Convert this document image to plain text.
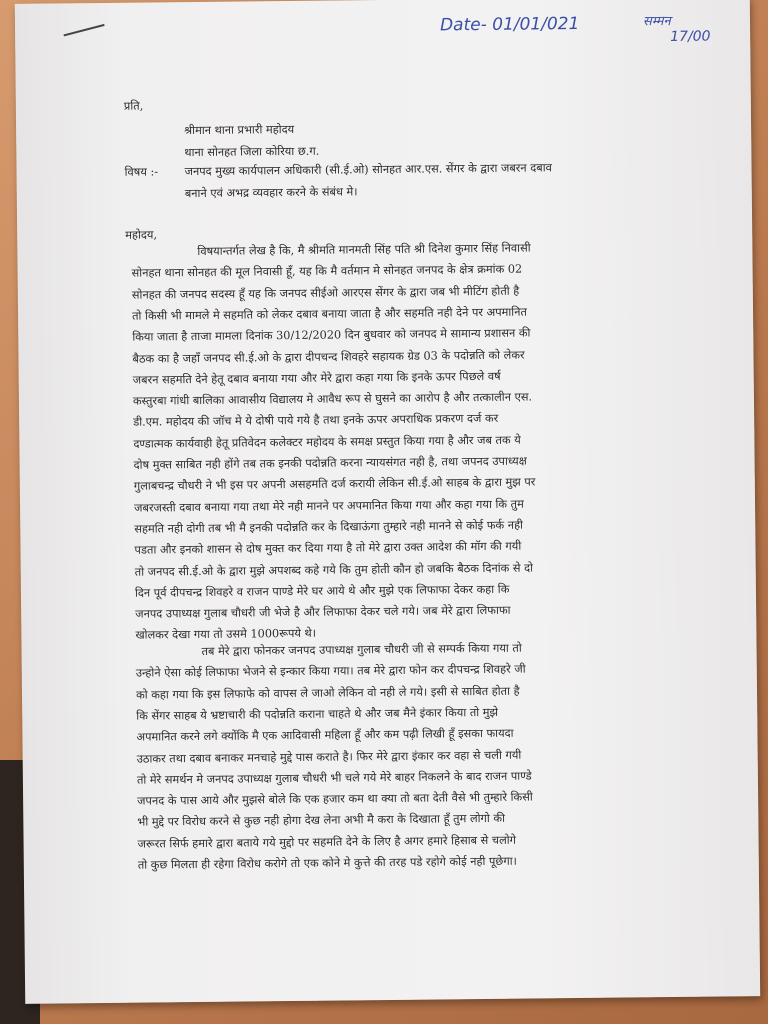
Date- 01/01/021	सम्मन
17/00
प्रति,
श्रीमान थाना प्रभारी महोदय
थाना सोनहत जिला कोरिया छ.ग.
विषय :- जनपद मुख्य कार्यपालन अधिकारी (सी.ई.ओ) सोनहत आर.एस. सेंगर के द्वारा जबरन दबाव
बनाने एवं अभद्र व्यवहार करने के संबंध मे।
महोदय,
विषयान्तर्गत लेख है कि, मै श्रीमति मानमती सिंह पति श्री दिनेश कुमार सिंह निवासी
सोनहत थाना सोनहत की मूल निवासी हूँ, यह कि मै वर्तमान मे सोनहत जनपद के क्षेत्र क्रमांक 02
सोनहत की जनपद सदस्य हूँ यह कि जनपद सीईओ आरएस सेंगर के द्वारा जब भी मीटिंग होती है
तो किसी भी मामले मे सहमति को लेकर दबाव बनाया जाता है और सहमति नही देने पर अपमानित
किया जाता है ताजा मामला दिनांक 30/12/2020 दिन बुधवार को जनपद मे सामान्य प्रशासन की
बैठक का है जहाँ जनपद सी.ई.ओ के द्वारा दीपचन्द शिवहरे सहायक ग्रेड 03 के पदोन्नति को लेकर
जबरन सहमति देने हेतू दबाव बनाया गया और मेरे द्वारा कहा गया कि इनके ऊपर पिछले वर्ष
कस्तुरबा गांधी बालिका आवासीय विद्यालय मे आवैध रूप से घुसने का आरोप है और तत्कालीन एस.
डी.एम. महोदय की जॉच मे ये दोषी पाये गये है तथा इनके ऊपर अपराधिक प्रकरण दर्ज कर
दण्डात्मक कार्यवाही हेतू प्रतिवेदन कलेक्टर महोदय के समक्ष प्रस्तुत किया गया है और जब तक ये
दोष मुक्त साबित नही होंगे तब तक इनकी पदोन्नति करना न्यायसंगत नही है, तथा जपनद उपाध्यक्ष
गुलाबचन्द्र चौधरी ने भी इस पर अपनी असहमति दर्ज करायी लेकिन सी.ई.ओ साहब के द्वारा मुझ पर
जबरजस्ती दबाव बनाया गया तथा मेरे नही मानने पर अपमानित किया गया और कहा गया कि तुम
सहमति नही दोगी तब भी मै इनकी पदोन्नति कर के दिखाऊंगा तुम्हारे नही मानने से कोई फर्क नही
पडता और इनको शासन से दोष मुक्त कर दिया गया है तो मेरे द्वारा उक्त आदेश की मॉग की गयी
तो जनपद सी.ई.ओ के द्वारा मुझे अपशब्द कहे गये कि तुम होती कौन हो जबकि बैठक दिनांक से दो
दिन पूर्व दीपचन्द्र शिवहरे व राजन पाण्डे मेरे घर आये थे और मुझे एक लिफाफा देकर कहा कि
जनपद उपाध्यक्ष गुलाब चौधरी जी भेजे है और लिफाफा देकर चले गये। जब मेरे द्वारा लिफाफा
खोलकर देखा गया तो उसमे 1000रूपये थे।
तब मेरे द्वारा फोनकर जनपद उपाध्यक्ष गुलाब चौधरी जी से सम्पर्क किया गया तो
उन्होने ऐसा कोई लिफाफा भेजने से इन्कार किया गया। तब मेरे द्वारा फोन कर दीपचन्द्र शिवहरे जी
को कहा गया कि इस लिफाफे को वापस ले जाओ लेकिन वो नही ले गये। इसी से साबित होता है
कि सेंगर साहब ये भ्रष्टाचारी की पदोन्नति कराना चाहते थे और जब मैने इंकार किया तो मुझे
अपमानित करने लगे क्योंकि मै एक आदिवासी महिला हूँ और कम पढ़ी लिखी हूँ इसका फायदा
उठाकर तथा दबाव बनाकर मनचाहे मुद्दे पास कराते है। फिर मेरे द्वारा इंकार कर वहा से चली गयी
तो मेरे समर्थन मे जनपद उपाध्यक्ष गुलाब चौधरी भी चले गये मेरे बाहर निकलने के बाद राजन पाण्डे
जपनद के पास आये और मुझसे बोले कि एक हजार कम था क्या तो बता देती वैसे भी तुम्हारे किसी
भी मुद्दे पर विरोध करने से कुछ नही होगा देख लेना अभी मै करा के दिखाता हूँ तुम लोगो की
जरूरत सिर्फ हमारे द्वारा बताये गये मुद्दो पर सहमति देने के लिए है अगर हमारे हिसाब से चलोगे
तो कुछ मिलता ही रहेगा विरोध करोगे तो एक कोने मे कुत्ते की तरह पडे रहोगे कोई नही पूछेगा।
